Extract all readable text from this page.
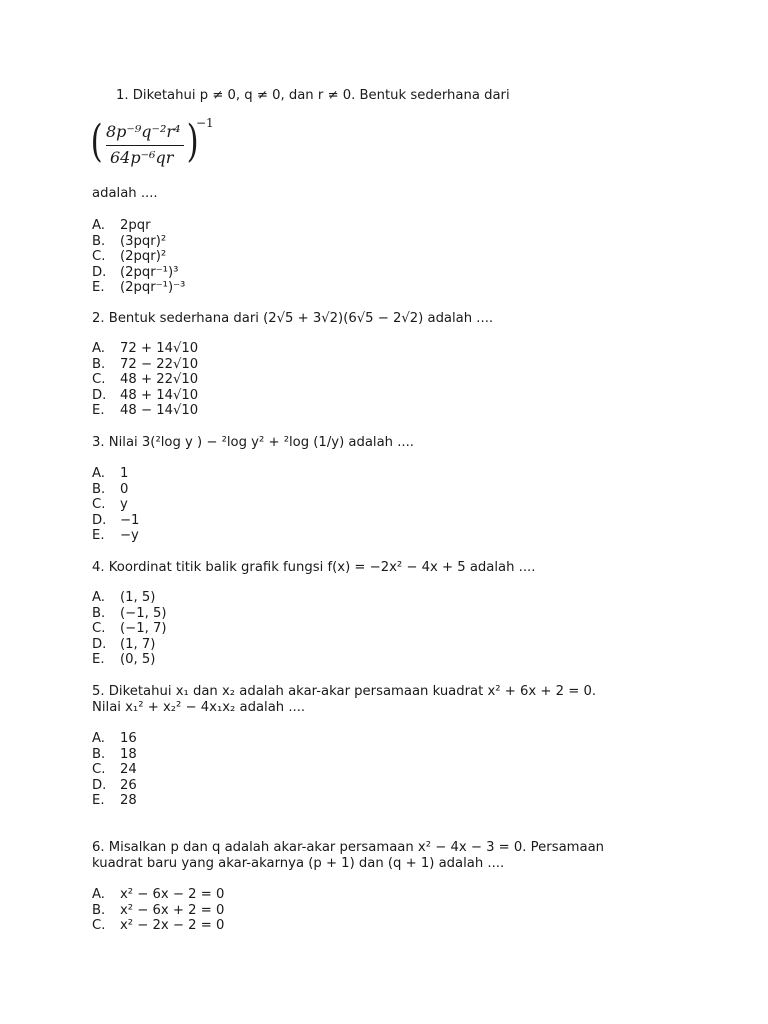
1. Diketahui p ≠ 0, q ≠ 0, dan r ≠ 0. Bentuk sederhana dari
( 8p⁻⁹q⁻²r⁴
64p⁻⁶qr )
−1
adalah ....
A. 2pqr
B. (3pqr)²
C. (2pqr)²
D. (2pqr⁻¹)³
E. (2pqr⁻¹)⁻³
2. Bentuk sederhana dari (2√5 + 3√2)(6√5 − 2√2) adalah ....
A. 72 + 14√10
B. 72 − 22√10
C. 48 + 22√10
D. 48 + 14√10
E. 48 − 14√10
3. Nilai 3(²log y ) − ²log y² + ²log (1/y) adalah ....
A. 1
B. 0
C. y
D. −1
E. −y
4. Koordinat titik balik grafik fungsi f(x) = −2x² − 4x + 5 adalah ....
A. (1, 5)
B. (−1, 5)
C. (−1, 7)
D. (1, 7)
E. (0, 5)
5. Diketahui x₁ dan x₂ adalah akar-akar persamaan kuadrat x² + 6x + 2 = 0.
Nilai x₁² + x₂² − 4x₁x₂ adalah ....
A. 16
B. 18
C. 24
D. 26
E. 28
6. Misalkan p dan q adalah akar-akar persamaan x² − 4x − 3 = 0. Persamaan
kuadrat baru yang akar-akarnya (p + 1) dan (q + 1) adalah ....
A. x² − 6x − 2 = 0
B. x² − 6x + 2 = 0
C. x² − 2x − 2 = 0
